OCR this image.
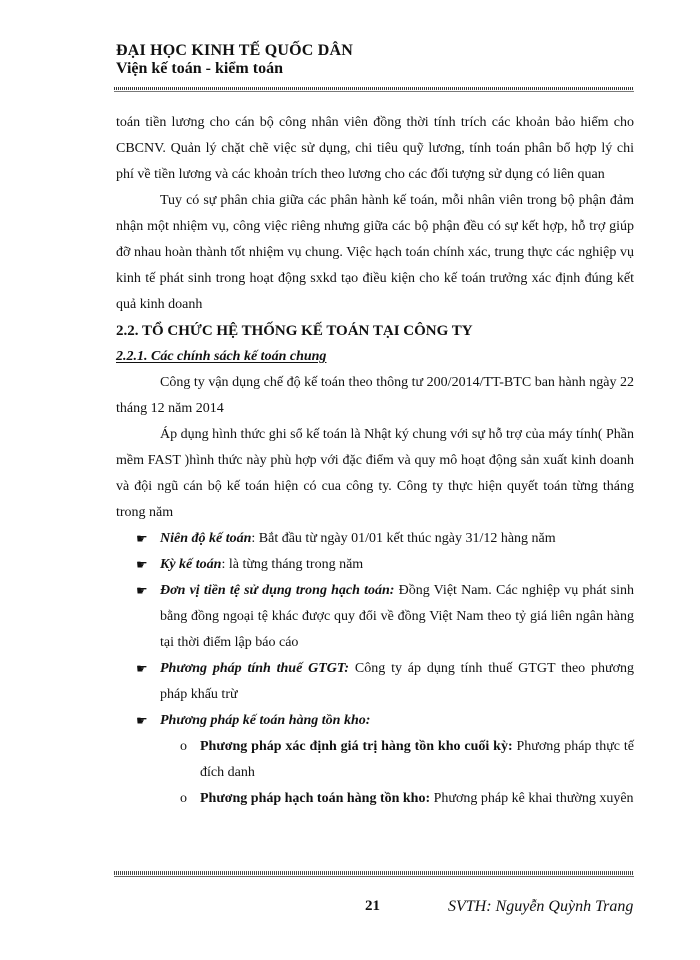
ĐẠI HỌC KINH TẾ QUỐC DÂN
Viện kế toán - kiểm toán

toán tiền lương cho cán bộ công nhân viên đồng thời tính trích các khoản bảo hiểm cho CBCNV. Quản lý chặt chẽ việc sử dụng, chi tiêu quỹ lương, tính toán phân bổ hợp lý chi phí về tiền lương và các khoản trích theo lương cho các đối tượng sử dụng có liên quan

Tuy có sự phân chia giữa các phân hành kế toán, mỗi nhân viên trong bộ phận đảm nhận một nhiệm vụ, công việc riêng nhưng giữa các bộ phận đều có sự kết hợp, hỗ trợ giúp đỡ nhau hoàn thành tốt nhiệm vụ chung. Việc hạch toán chính xác, trung thực các nghiệp vụ kinh tế phát sinh trong hoạt động sxkd tạo điều kiện cho kế toán trưởng xác định đúng kết quả kinh doanh

2.2. TỔ CHỨC HỆ THỐNG KẾ TOÁN TẠI CÔNG TY

2.2.1. Các chính sách kế toán chung

Công ty vận dụng chế độ kế toán theo thông tư 200/2014/TT-BTC ban hành ngày 22 tháng 12 năm 2014

Áp dụng hình thức ghi sổ kế toán là Nhật ký chung với sự hỗ trợ của máy tính( Phần mềm FAST )hình thức này phù hợp với đặc điểm và quy mô hoạt động sản xuất kinh doanh và đội ngũ cán bộ kế toán hiện có cua công ty. Công ty thực hiện quyết toán từng tháng trong năm

☛ Niên độ kế toán: Bắt đầu từ ngày 01/01 kết thúc ngày 31/12 hàng năm
☛ Kỳ kế toán: là từng tháng trong năm
☛ Đơn vị tiền tệ sử dụng trong hạch toán: Đồng Việt Nam. Các nghiệp vụ phát sinh bằng đồng ngoại tệ khác được quy đổi về đồng Việt Nam theo tỷ giá liên ngân hàng tại thời điểm lập báo cáo
☛ Phương pháp tính thuế GTGT: Công ty áp dụng tính thuế GTGT theo phương pháp khấu trừ
☛ Phương pháp kế toán hàng tồn kho:
o Phương pháp xác định giá trị hàng tồn kho cuối kỳ: Phương pháp thực tế đích danh
o Phương pháp hạch toán hàng tồn kho: Phương pháp kê khai thường xuyên
21	SVTH: Nguyễn Quỳnh Trang
